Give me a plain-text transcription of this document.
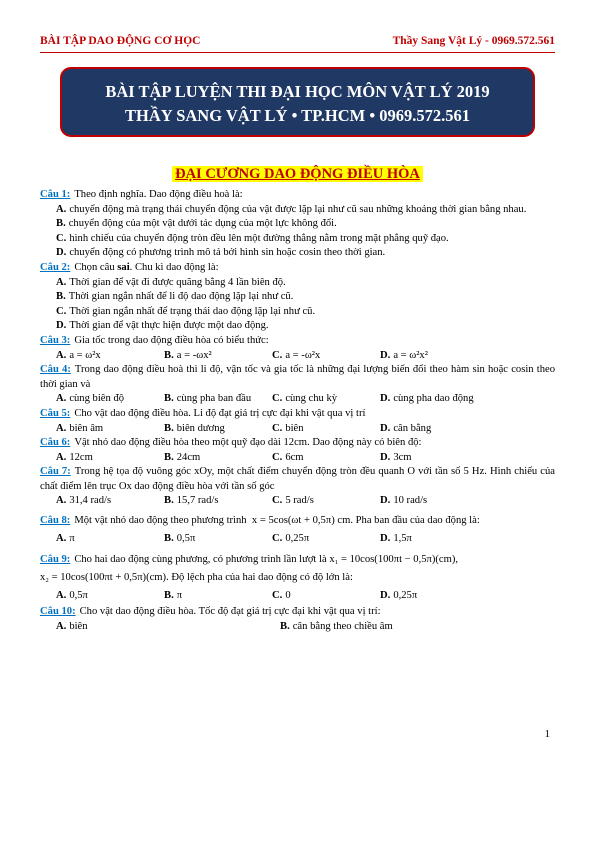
BÀI TẬP DAO ĐỘNG CƠ HỌC	Thầy Sang Vật Lý - 0969.572.561
BÀI TẬP LUYỆN THI ĐẠI HỌC MÔN VẬT LÝ 2019
THẦY SANG VẬT LÝ • TP.HCM • 0969.572.561
ĐẠI CƯƠNG DAO ĐỘNG ĐIỀU HÒA
Câu 1: Theo định nghĩa. Dao động điều hoà là:
A. chuyển động mà trạng thái chuyển động của vật được lặp lại như cũ sau những khoảng thời gian bằng nhau.
B. chuyển động của một vật dưới tác dụng của một lực không đổi.
C. hình chiếu của chuyển động tròn đều lên một đường thẳng nằm trong mặt phẳng quỹ đạo.
D. chuyển động có phương trình mô tả bởi hình sin hoặc cosin theo thời gian.
Câu 2: Chọn câu sai. Chu kì dao động là:
A. Thời gian để vật đi được quãng bằng 4 lần biên độ.
B. Thời gian ngắn nhất để li độ dao động lặp lại như cũ.
C. Thời gian ngắn nhất để trạng thái dao động lặp lại như cũ.
D. Thời gian để vật thực hiện được một dao động.
Câu 3: Gia tốc trong dao động điều hòa có biểu thức:
A. a = ω²x	B. a = -ωx²	C. a = -ω²x	D. a = ω²x²
Câu 4: Trong dao động điều hoà thì li độ, vận tốc và gia tốc là những đại lượng biến đổi theo hàm sin hoặc cosin theo thời gian và
A. cùng biên độ	B. cùng pha ban đầu	C. cùng chu kỳ	D. cùng pha dao động
Câu 5: Cho vật dao động điều hòa. Li độ đạt giá trị cực đại khi vật qua vị trí
A. biên âm	B. biên dương	C. biên	D. cân bằng
Câu 6: Vật nhỏ dao động điều hòa theo một quỹ đạo dài 12cm. Dao động này có biên độ:
A. 12cm	B. 24cm	C. 6cm	D. 3cm
Câu 7: Trong hệ tọa độ vuông góc xOy, một chất điểm chuyển động tròn đều quanh O với tần số 5 Hz. Hình chiếu của chất điểm lên trục Ox dao động điều hòa với tần số góc
A. 31,4 rad/s	B. 15,7 rad/s	C. 5 rad/s	D. 10 rad/s
Câu 8: Một vật nhỏ dao động theo phương trình x = 5cos(ωt + 0,5π) cm. Pha ban đầu của dao động là:
A. π	B. 0,5π	C. 0,25π	D. 1,5π
Câu 9: Cho hai dao động cùng phương, có phương trình lần lượt là x₁ = 10cos(100πt − 0,5π)(cm),
x₂ = 10cos(100πt + 0,5π)(cm). Độ lệch pha của hai dao động có độ lớn là:
A. 0,5π	B. π	C. 0	D. 0,25π
Câu 10: Cho vật dao động điều hòa. Tốc độ đạt giá trị cực đại khi vật qua vị trí:
A. biên	B. cân bằng theo chiều âm
1
